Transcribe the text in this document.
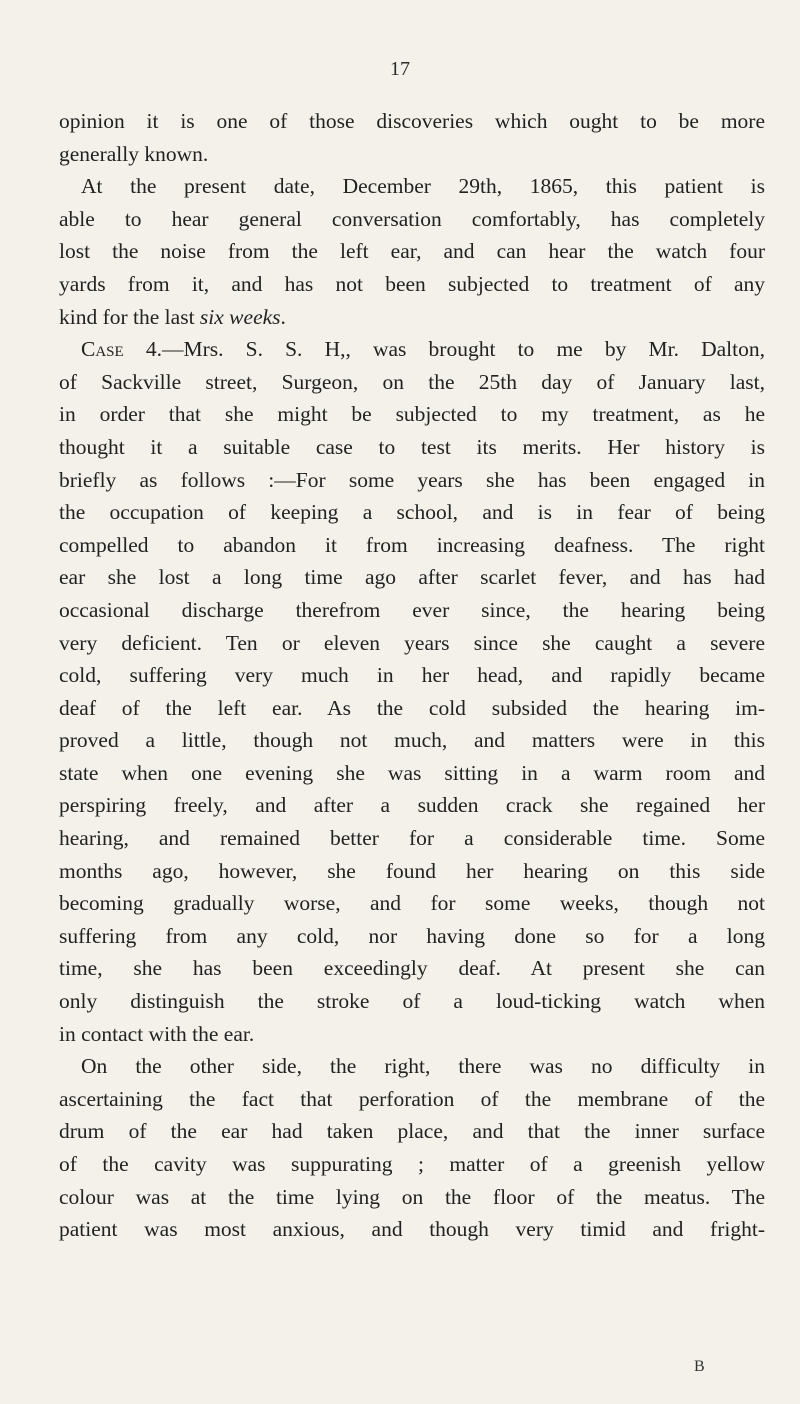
17
opinion it is one of those discoveries which ought to be more
generally known.
At the present date, December 29th, 1865, this patient is
able to hear general conversation comfortably, has completely
lost the noise from the left ear, and can hear the watch four
yards from it, and has not been subjected to treatment of any
kind for the last six weeks.
Case 4.—Mrs. S. S. H,, was brought to me by Mr. Dalton,
of Sackville street, Surgeon, on the 25th day of January last,
in order that she might be subjected to my treatment, as he
thought it a suitable case to test its merits. Her history is
briefly as follows :—For some years she has been engaged in
the occupation of keeping a school, and is in fear of being
compelled to abandon it from increasing deafness. The right
ear she lost a long time ago after scarlet fever, and has had
occasional discharge therefrom ever since, the hearing being
very deficient. Ten or eleven years since she caught a severe
cold, suffering very much in her head, and rapidly became
deaf of the left ear. As the cold subsided the hearing im-
proved a little, though not much, and matters were in this
state when one evening she was sitting in a warm room and
perspiring freely, and after a sudden crack she regained her
hearing, and remained better for a considerable time. Some
months ago, however, she found her hearing on this side
becoming gradually worse, and for some weeks, though not
suffering from any cold, nor having done so for a long
time, she has been exceedingly deaf. At present she can
only distinguish the stroke of a loud-ticking watch when
in contact with the ear.
On the other side, the right, there was no difficulty in
ascertaining the fact that perforation of the membrane of the
drum of the ear had taken place, and that the inner surface
of the cavity was suppurating ; matter of a greenish yellow
colour was at the time lying on the floor of the meatus. The
patient was most anxious, and though very timid and fright-
B
